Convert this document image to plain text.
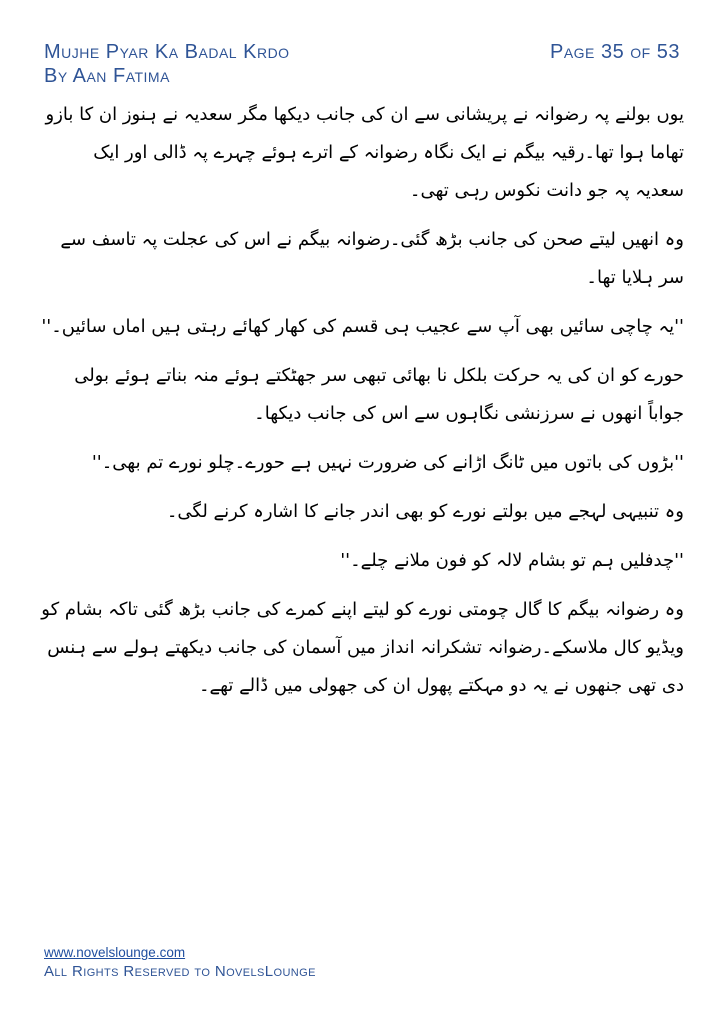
Mujhe Pyar Ka Badal Krdo
By Aan Fatima
Page 35 of 53

یوں بولنے پہ رضوانہ نے پریشانی سے ان کی جانب دیکھا مگر سعدیہ نے ہنوز ان کا بازو تھاما ہوا تھا۔رقیہ بیگم نے ایک نگاہ رضوانہ کے اترے ہوئے چہرے پہ ڈالی اور ایک سعدیہ پہ جو دانت نکوس رہی تھی۔

وہ انھیں لیتے صحن کی جانب بڑھ گئی۔رضوانہ بیگم نے اس کی عجلت پہ تاسف سے سر ہلایا تھا۔

''یہ چاچی سائیں بھی آپ سے عجیب ہی قسم کی کھار کھائے رہتی ہیں اماں سائیں۔''

حورے کو ان کی یہ حرکت بلکل نا بھائی تبھی سر جھٹکتے ہوئے منہ بناتے ہوئے بولی جواباً انھوں نے سرزنشی نگاہوں سے اس کی جانب دیکھا۔

''بڑوں کی باتوں میں ٹانگ اڑانے کی ضرورت نہیں ہے حورے۔چلو نورے تم بھی۔''

وہ تنبیہی لہجے میں بولتے نورے کو بھی اندر جانے کا اشارہ کرنے لگی۔

''چدفلیں ہم تو بشام لالہ کو فون ملانے چلے۔''

وہ رضوانہ بیگم کا گال چومتی نورے کو لیتے اپنے کمرے کی جانب بڑھ گئی تاکہ بشام کو ویڈیو کال ملاسکے۔رضوانہ تشکرانہ انداز میں آسمان کی جانب دیکھتے ہولے سے ہنس دی تھی جنھوں نے یہ دو مہکتے پھول ان کی جھولی میں ڈالے تھے۔

www.novelslounge.com
All Rights Reserved to NovelsLounge
